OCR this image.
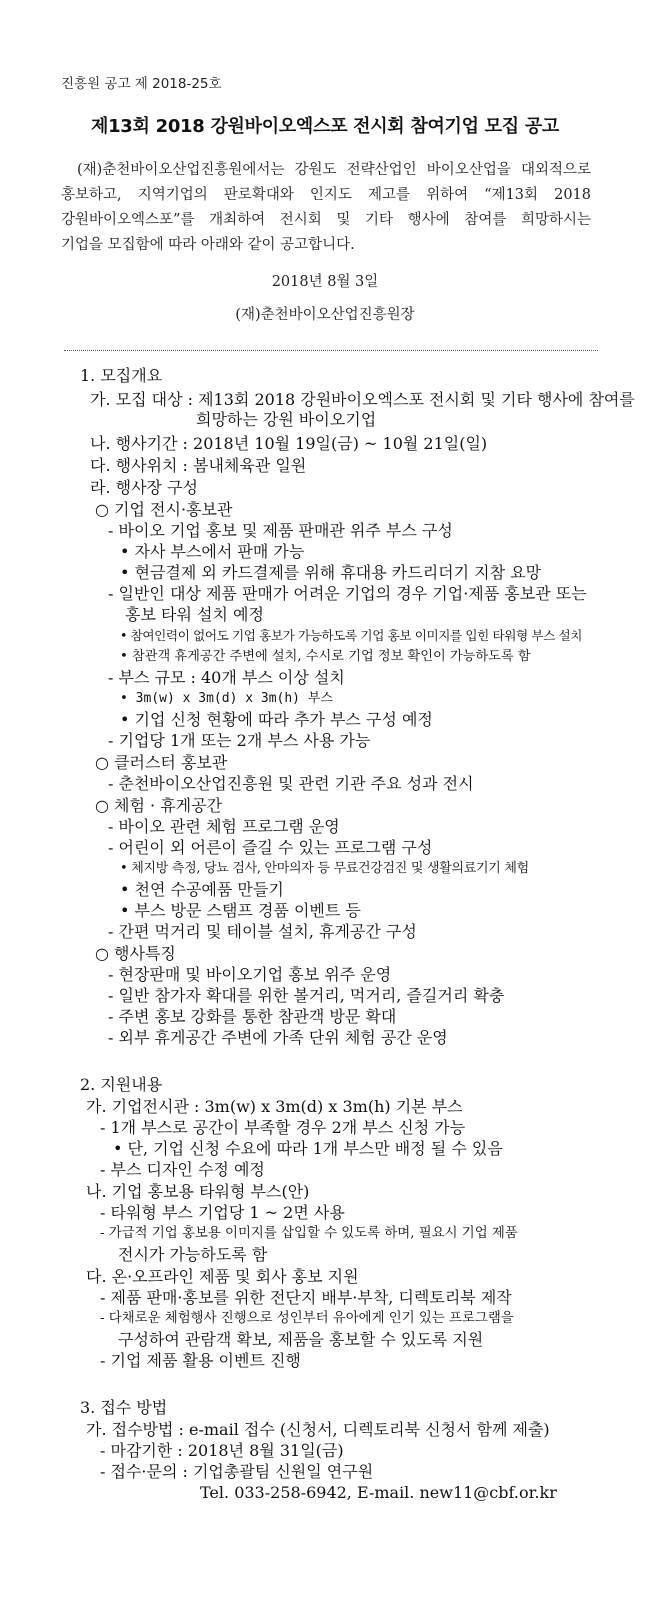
진흥원 공고 제 2018-25호
제13회 2018 강원바이오엑스포 전시회 참여기업 모집 공고
(재)춘천바이오산업진흥원에서는 강원도 전략산업인 바이오산업을 대외적으로
홍보하고, 지역기업의 판로확대와 인지도 제고를 위하여 “제13회 2018
강원바이오엑스포”를 개최하여 전시회 및 기타 행사에 참여를 희망하시는
기업을 모집함에 따라 아래와 같이 공고합니다.
2018년 8월 3일
(재)춘천바이오산업진흥원장
1. 모집개요
가. 모집 대상 : 제13회 2018 강원바이오엑스포 전시회 및 기타 행사에 참여를
희망하는 강원 바이오기업
나. 행사기간 : 2018년 10월 19일(금) ~ 10월 21일(일)
다. 행사위치 : 봄내체육관 일원
라. 행사장 구성
○ 기업 전시·홍보관
- 바이오 기업 홍보 및 제품 판매관 위주 부스 구성
• 자사 부스에서 판매 가능
• 현금결제 외 카드결제를 위해 휴대용 카드리더기 지참 요망
- 일반인 대상 제품 판매가 어려운 기업의 경우 기업·제품 홍보관 또는
홍보 타워 설치 예정
• 참여인력이 없어도 기업 홍보가 가능하도록 기업 홍보 이미지를 입힌 타워형 부스 설치
• 참관객 휴게공간 주변에 설치, 수시로 기업 정보 확인이 가능하도록 함
- 부스 규모 : 40개 부스 이상 설치
• 3m(w) x 3m(d) x 3m(h) 부스
• 기업 신청 현황에 따라 추가 부스 구성 예정
- 기업당 1개 또는 2개 부스 사용 가능
○ 클러스터 홍보관
- 춘천바이오산업진흥원 및 관련 기관 주요 성과 전시
○ 체험 · 휴게공간
- 바이오 관련 체험 프로그램 운영
- 어린이 외 어른이 즐길 수 있는 프로그램 구성
• 체지방 측정, 당뇨 검사, 안마의자 등 무료건강검진 및 생활의료기기 체험
• 천연 수공예품 만들기
• 부스 방문 스탬프 경품 이벤트 등
- 간편 먹거리 및 테이블 설치, 휴게공간 구성
○ 행사특징
- 현장판매 및 바이오기업 홍보 위주 운영
- 일반 참가자 확대를 위한 볼거리, 먹거리, 즐길거리 확충
- 주변 홍보 강화를 통한 참관객 방문 확대
- 외부 휴게공간 주변에 가족 단위 체험 공간 운영
2. 지원내용
가. 기업전시관 : 3m(w) x 3m(d) x 3m(h) 기본 부스
- 1개 부스로 공간이 부족할 경우 2개 부스 신청 가능
• 단, 기업 신청 수요에 따라 1개 부스만 배정 될 수 있음
- 부스 디자인 수정 예정
나. 기업 홍보용 타워형 부스(안)
- 타워형 부스 기업당 1 ~ 2면 사용
- 가급적 기업 홍보용 이미지를 삽입할 수 있도록 하며, 필요시 기업 제품
전시가 가능하도록 함
다. 온·오프라인 제품 및 회사 홍보 지원
- 제품 판매·홍보를 위한 전단지 배부·부착, 디렉토리북 제작
- 다채로운 체험행사 진행으로 성인부터 유아에게 인기 있는 프로그램을
구성하여 관람객 확보, 제품을 홍보할 수 있도록 지원
- 기업 제품 활용 이벤트 진행
3. 접수 방법
가. 접수방법 : e-mail 접수 (신청서, 디렉토리북 신청서 함께 제출)
- 마감기한 : 2018년 8월 31일(금)
- 접수·문의 : 기업총괄팀 신원일 연구원
Tel. 033-258-6942, E-mail. new11@cbf.or.kr
